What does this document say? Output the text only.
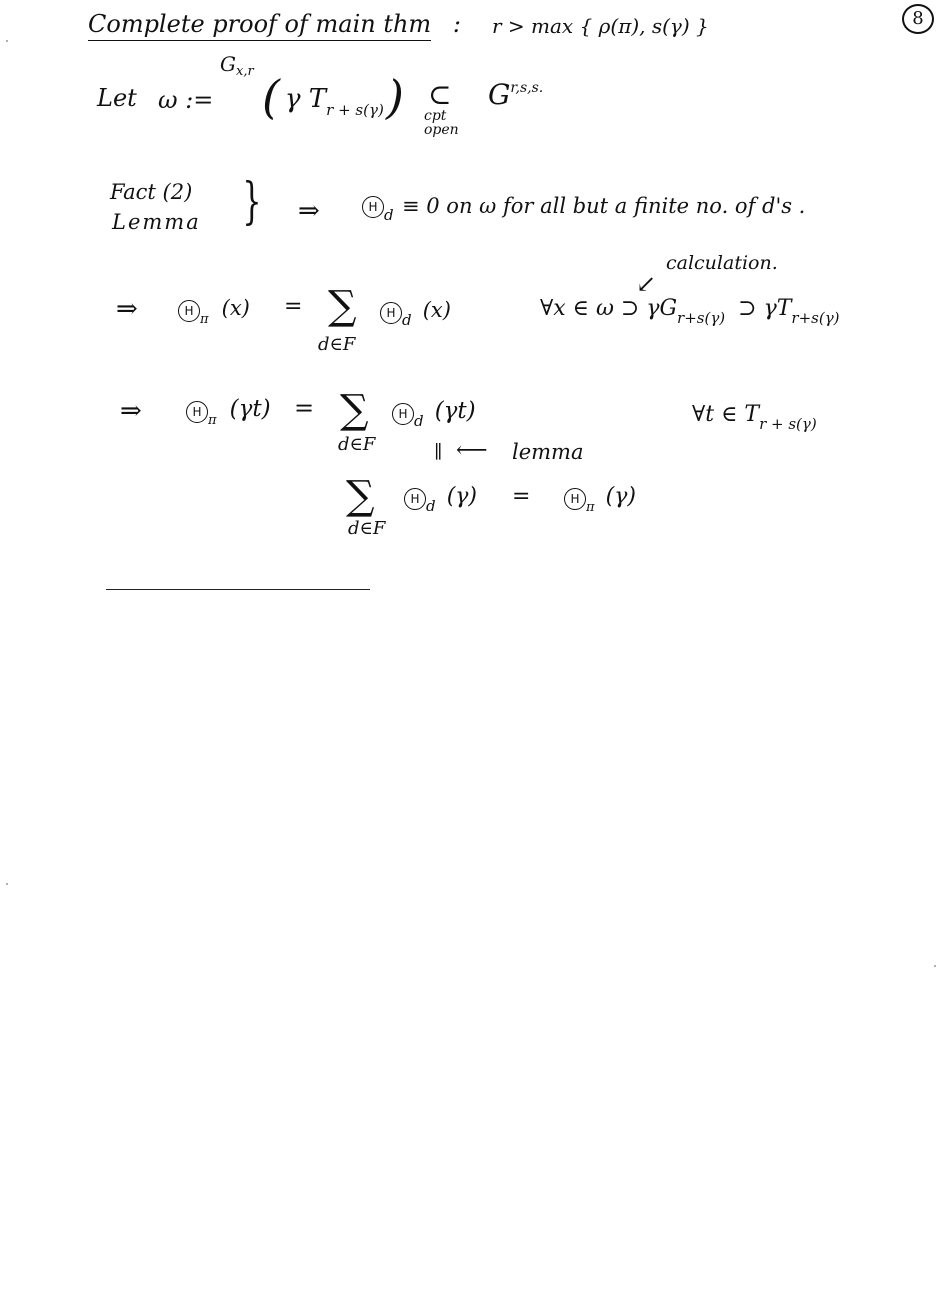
8
Complete proof of main thm : r > max { ρ(π), s(γ) }
Let ω :=
$G_{x,r}$ ( γ $T_{r + s(\gamma)}$ ) ⊂
cpt
open
$G^{r,s,s.}$
Fact (2)
Lemma } ⇒	H d ≡ 0 on ω for all but a finite no. of d's .
calculation.
↙
⇒	$H_\pi$ (x) = ∑
d∈F
H d (x)	∀x ∈ ω ⊃ $\gamma G_{r+s(\gamma)}$ ⊃ $\gamma T_{r+s(\gamma)}$
⇒	$H_\pi$ (γt) = ∑
d∈F
H d (γt)	∀t ∈ $T_{r + s(\gamma)}$
∥ ⟵ lemma
∑
d∈F
H d (γ) =	$H_\pi$ (γ)
